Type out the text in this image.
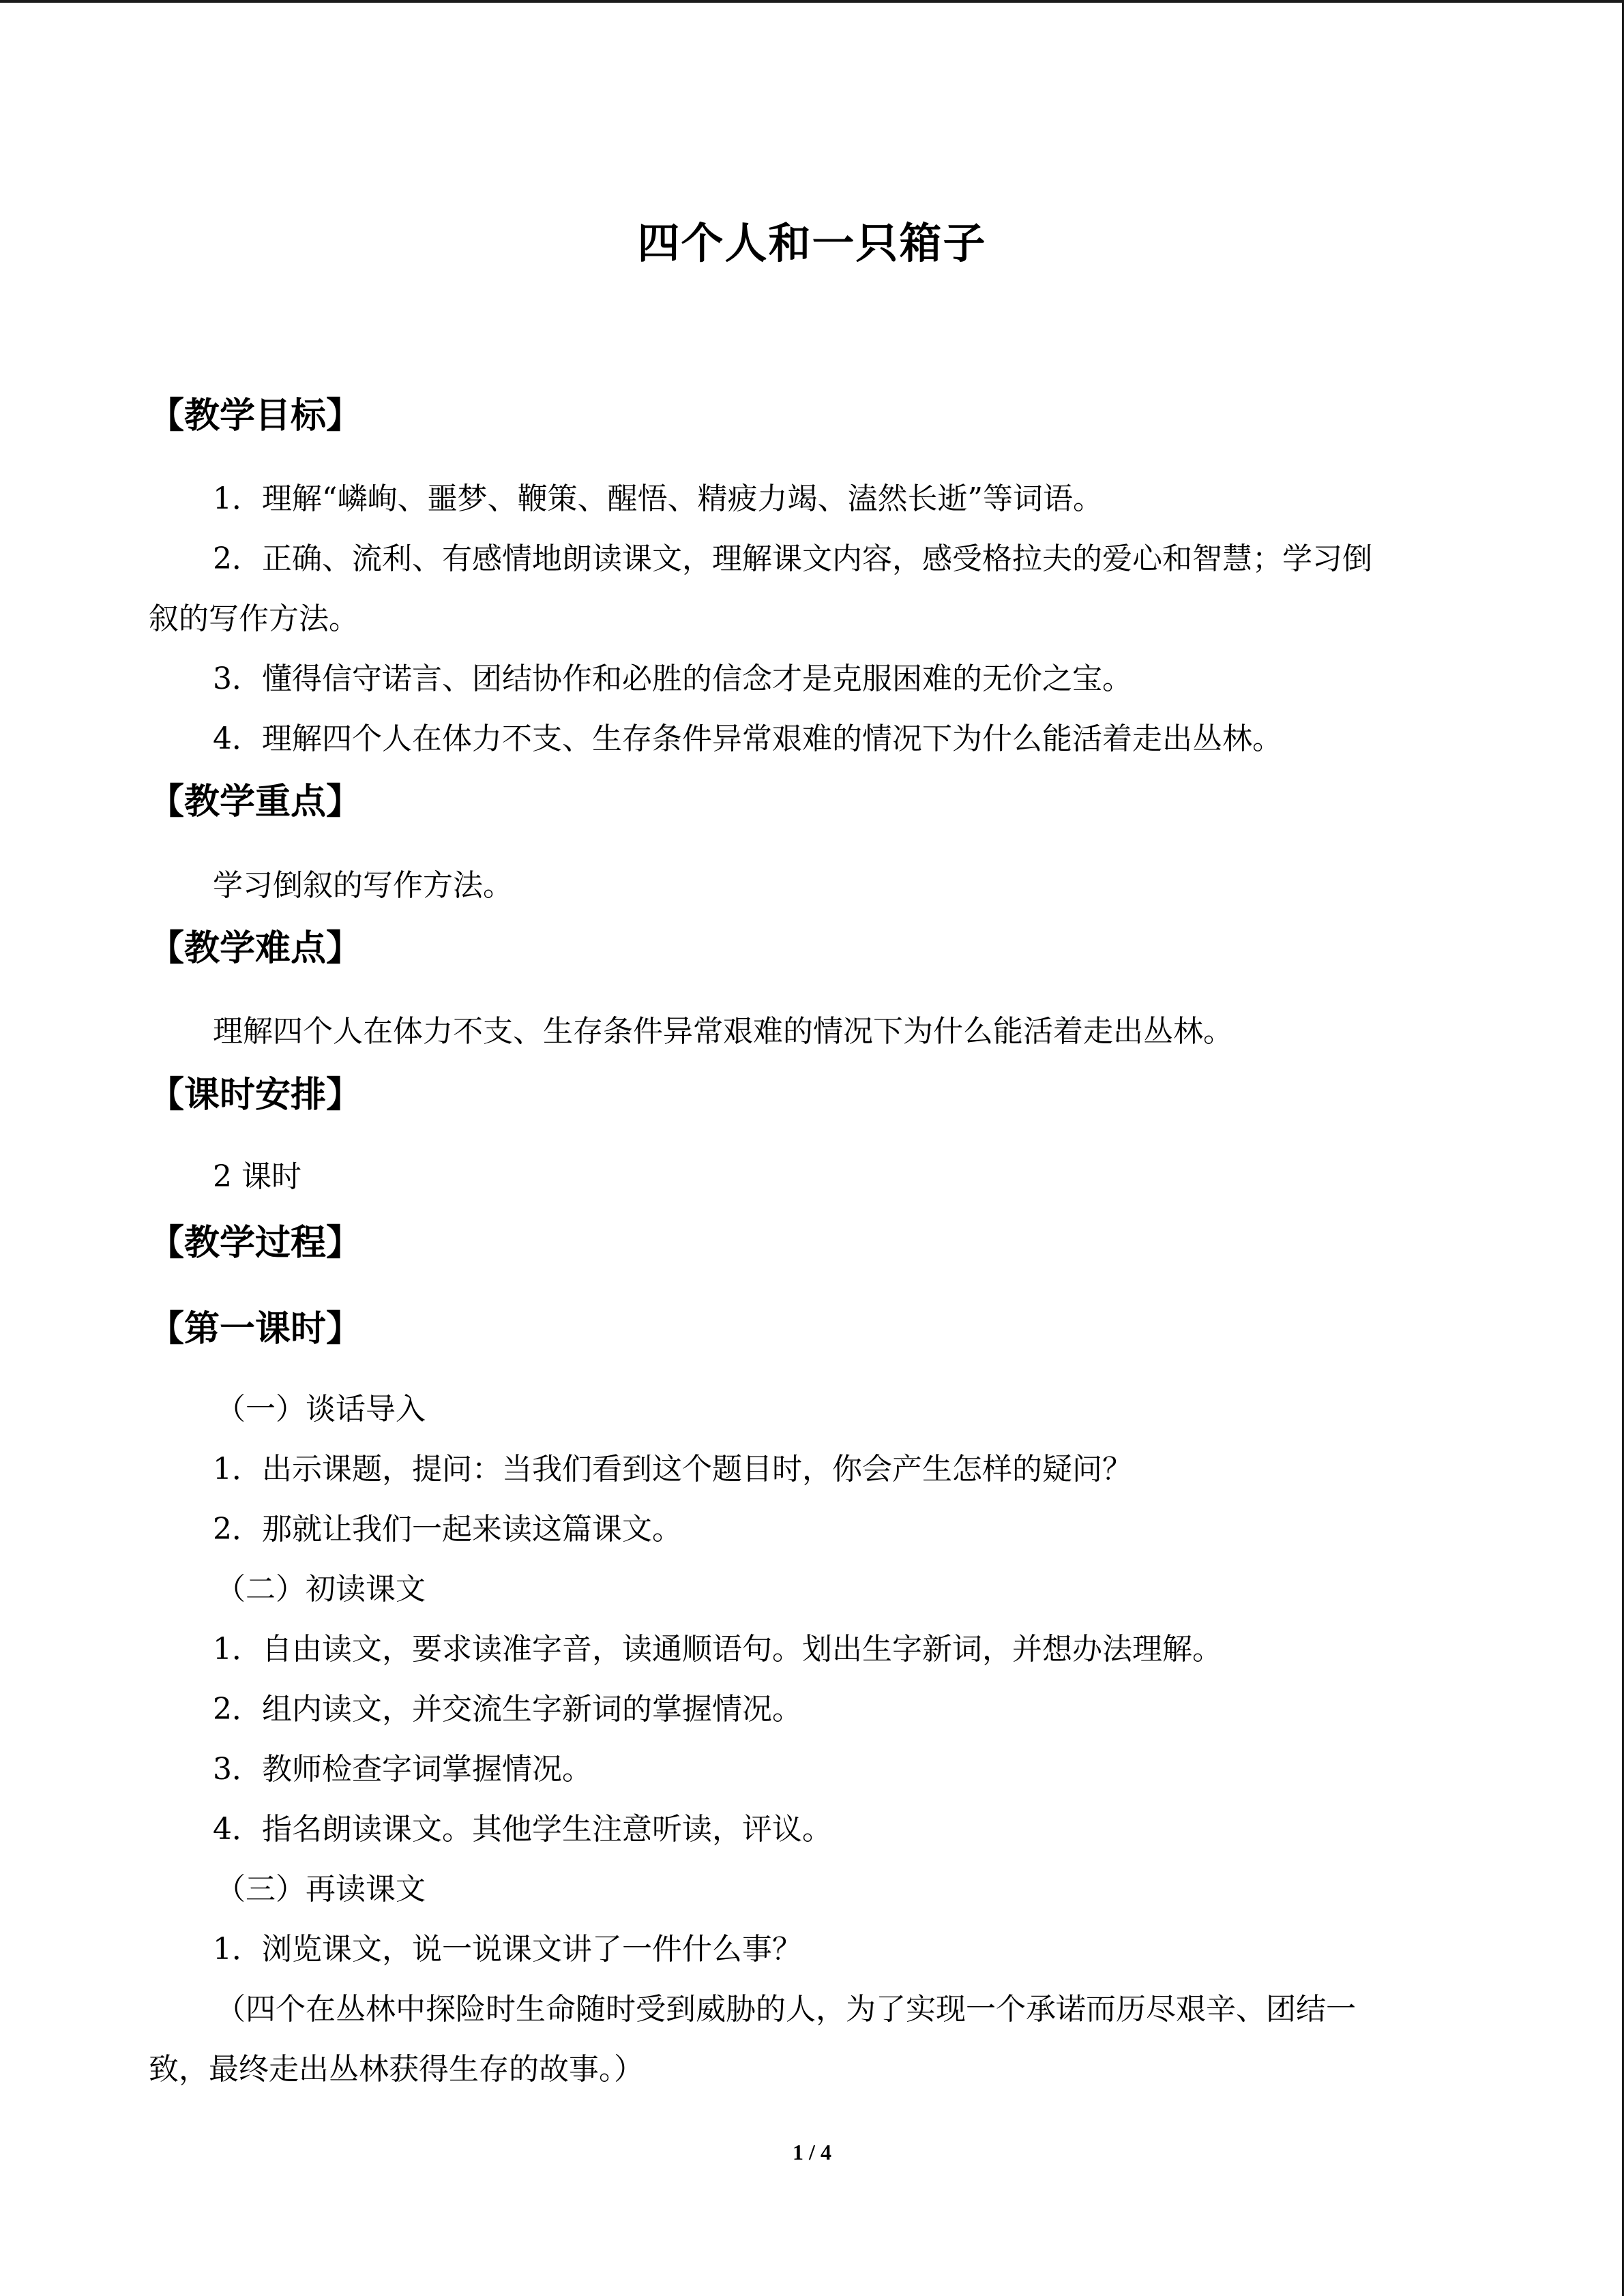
四个人和一只箱子
【教学目标】
1．理解“嶙峋、噩梦、鞭策、醒悟、精疲力竭、溘然长逝”等词语。
2．正确、流利、有感情地朗读课文，理解课文内容，感受格拉夫的爱心和智慧；学习倒
叙的写作方法。
3．懂得信守诺言、团结协作和必胜的信念才是克服困难的无价之宝。
4．理解四个人在体力不支、生存条件异常艰难的情况下为什么能活着走出丛林。
【教学重点】
学习倒叙的写作方法。
【教学难点】
理解四个人在体力不支、生存条件异常艰难的情况下为什么能活着走出丛林。
【课时安排】
2 课时
【教学过程】
【第一课时】
（一）谈话导入
1．出示课题，提问：当我们看到这个题目时，你会产生怎样的疑问？
2．那就让我们一起来读这篇课文。
（二）初读课文
1．自由读文，要求读准字音，读通顺语句。划出生字新词，并想办法理解。
2．组内读文，并交流生字新词的掌握情况。
3．教师检查字词掌握情况。
4．指名朗读课文。其他学生注意听读，评议。
（三）再读课文
1．浏览课文，说一说课文讲了一件什么事？
（四个在丛林中探险时生命随时受到威胁的人，为了实现一个承诺而历尽艰辛、团结一
致，最终走出丛林获得生存的故事。）
1 / 4
